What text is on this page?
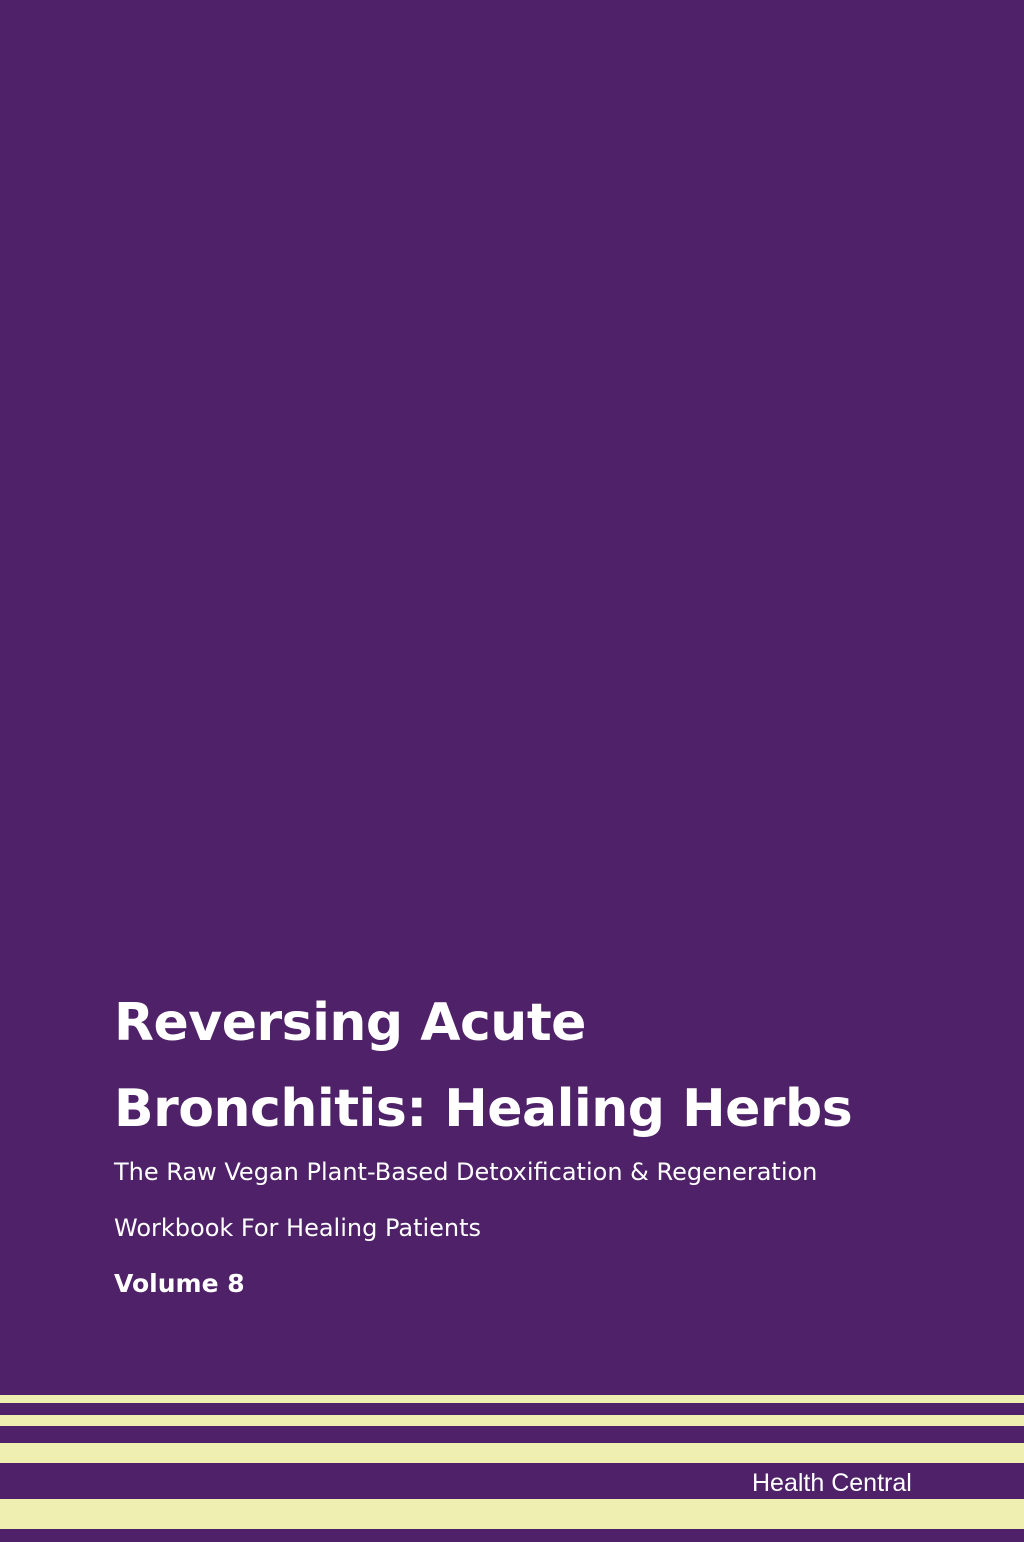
Reversing Acute
Bronchitis: Healing Herbs
The Raw Vegan Plant-Based Detoxification & Regeneration
Workbook For Healing Patients
Volume 8
Health Central
